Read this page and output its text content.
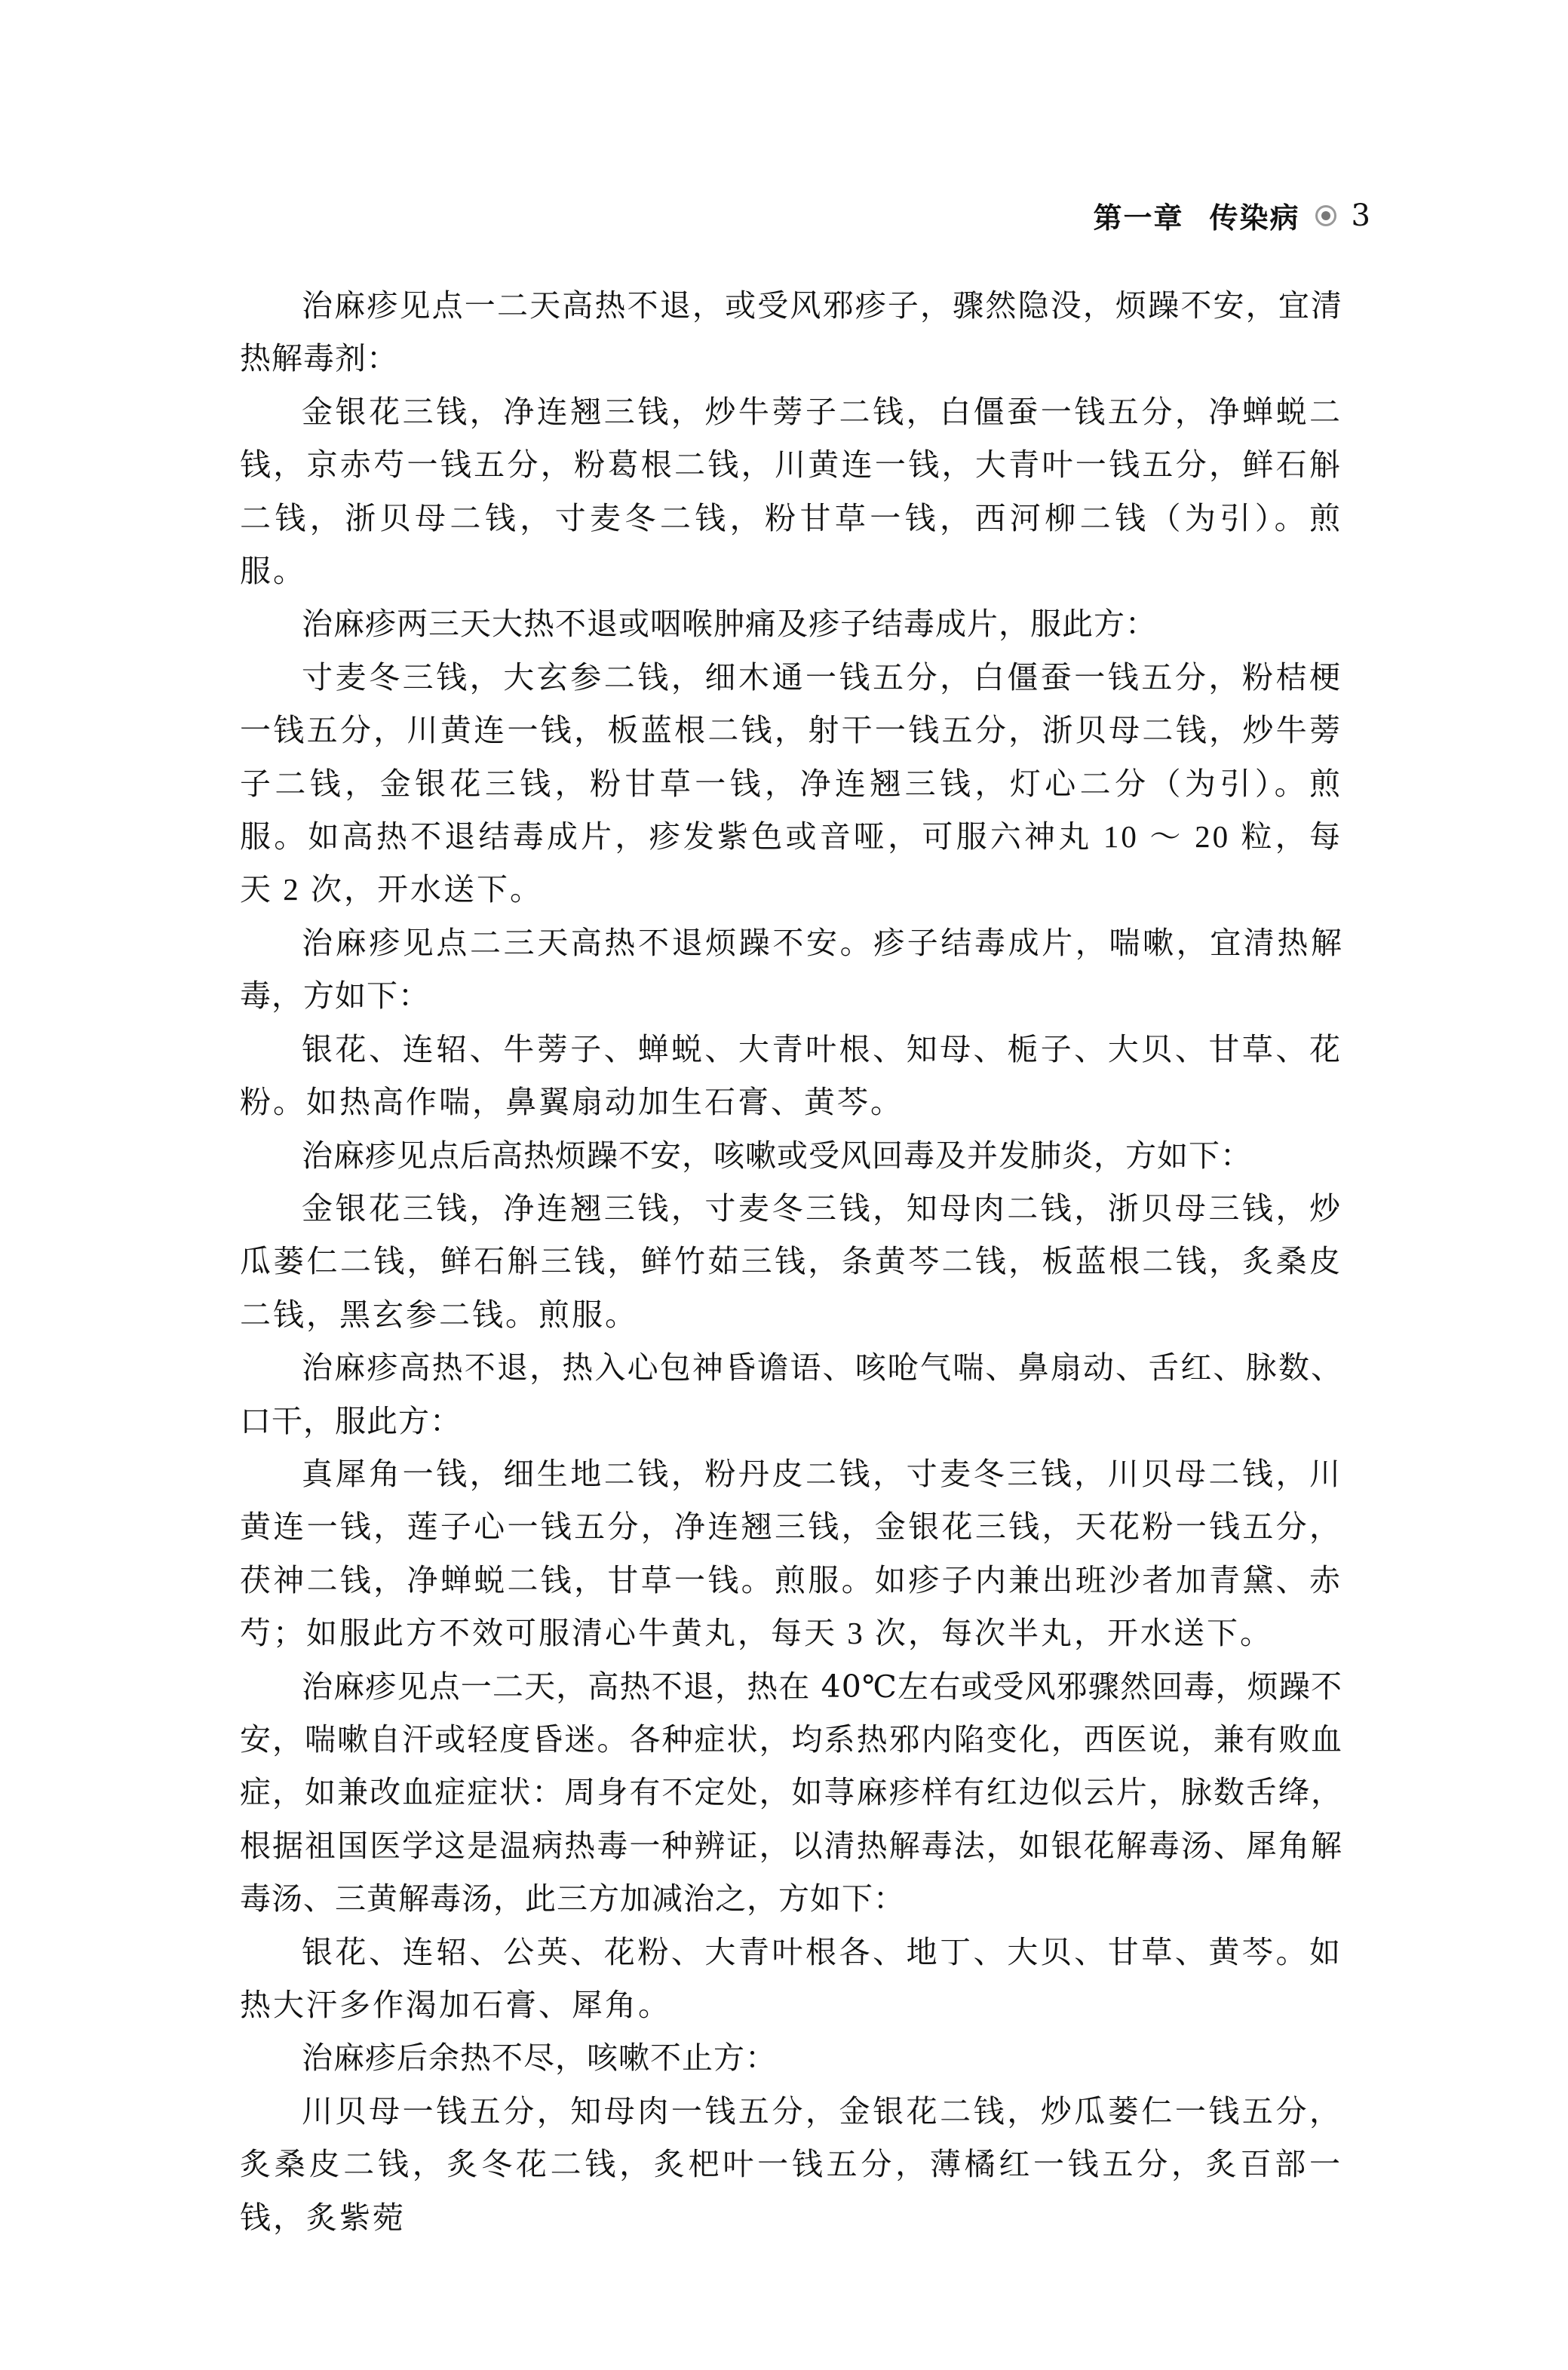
第一章 传染病 3

治麻疹见点一二天高热不退，或受风邪疹子，骤然隐没，烦躁不安，宜清热解毒剂：

金银花三钱，净连翘三钱，炒牛蒡子二钱，白僵蚕一钱五分，净蝉蜕二钱，京赤芍一钱五分，粉葛根二钱，川黄连一钱，大青叶一钱五分，鲜石斛二钱，浙贝母二钱，寸麦冬二钱，粉甘草一钱，西河柳二钱（为引）。煎服。

治麻疹两三天大热不退或咽喉肿痛及疹子结毒成片，服此方：

寸麦冬三钱，大玄参二钱，细木通一钱五分，白僵蚕一钱五分，粉桔梗一钱五分，川黄连一钱，板蓝根二钱，射干一钱五分，浙贝母二钱，炒牛蒡子二钱，金银花三钱，粉甘草一钱，净连翘三钱，灯心二分（为引）。煎服。如高热不退结毒成片，疹发紫色或音哑，可服六神丸 10 ～ 20 粒，每天 2 次，开水送下。

治麻疹见点二三天高热不退烦躁不安。疹子结毒成片，喘嗽，宜清热解毒，方如下：

银花、连轺、牛蒡子、蝉蜕、大青叶根、知母、栀子、大贝、甘草、花粉。如热高作喘，鼻翼扇动加生石膏、黄芩。

治麻疹见点后高热烦躁不安，咳嗽或受风回毒及并发肺炎，方如下：

金银花三钱，净连翘三钱，寸麦冬三钱，知母肉二钱，浙贝母三钱，炒瓜蒌仁二钱，鲜石斛三钱，鲜竹茹三钱，条黄芩二钱，板蓝根二钱，炙桑皮二钱，黑玄参二钱。煎服。

治麻疹高热不退，热入心包神昏谵语、咳呛气喘、鼻扇动、舌红、脉数、口干，服此方：

真犀角一钱，细生地二钱，粉丹皮二钱，寸麦冬三钱，川贝母二钱，川黄连一钱，莲子心一钱五分，净连翘三钱，金银花三钱，天花粉一钱五分，茯神二钱，净蝉蜕二钱，甘草一钱。煎服。如疹子内兼出班沙者加青黛、赤芍；如服此方不效可服清心牛黄丸，每天 3 次，每次半丸，开水送下。

治麻疹见点一二天，高热不退，热在 40℃左右或受风邪骤然回毒，烦躁不安，喘嗽自汗或轻度昏迷。各种症状，均系热邪内陷变化，西医说，兼有败血症，如兼改血症症状：周身有不定处，如荨麻疹样有红边似云片，脉数舌绛，根据祖国医学这是温病热毒一种辨证，以清热解毒法，如银花解毒汤、犀角解毒汤、三黄解毒汤，此三方加减治之，方如下：

银花、连轺、公英、花粉、大青叶根各、地丁、大贝、甘草、黄芩。如热大汗多作渴加石膏、犀角。

治麻疹后余热不尽，咳嗽不止方：

川贝母一钱五分，知母肉一钱五分，金银花二钱，炒瓜蒌仁一钱五分，炙桑皮二钱，炙冬花二钱，炙杷叶一钱五分，薄橘红一钱五分，炙百部一钱，炙紫菀
